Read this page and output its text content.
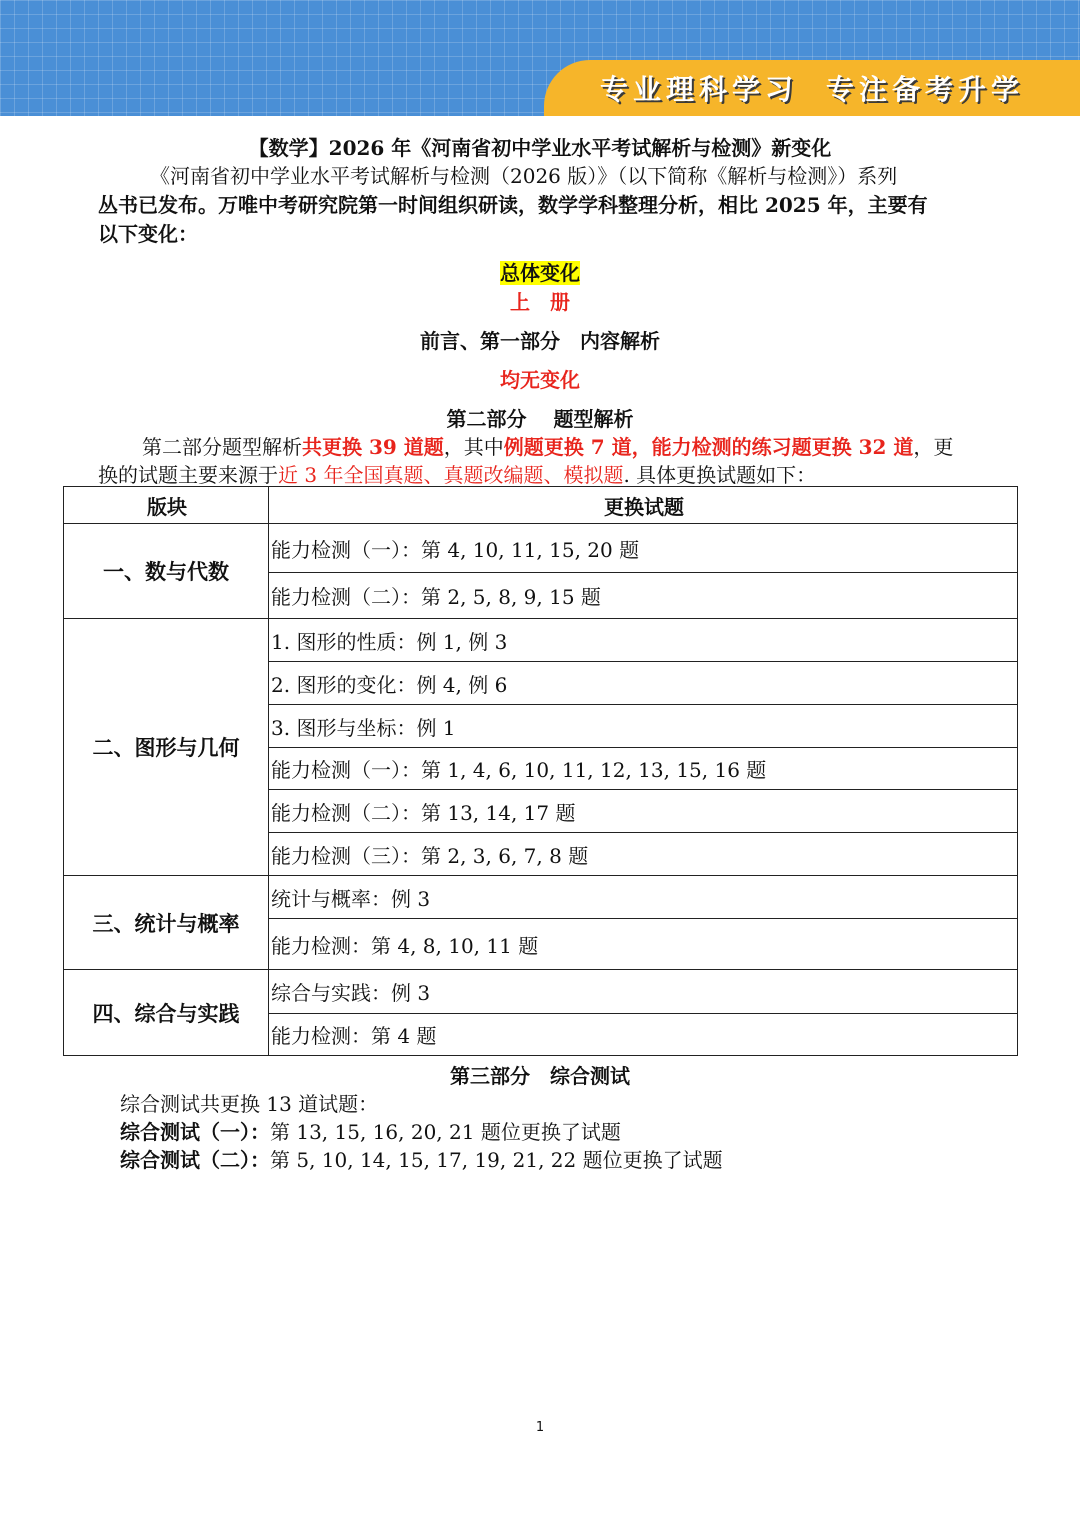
专业理科学习 专注备考升学
【数学】2026 年《河南省初中学业水平考试解析与检测》新变化
《河南省初中学业水平考试解析与检测（2026 版）》（以下简称《解析与检测》）系列
丛书已发布。万唯中考研究院第一时间组织研读，数学学科整理分析，相比 2025 年，主要有
以下变化：
总体变化
上　册
前言、第一部分　内容解析
均无变化
第二部分　 题型解析
第二部分题型解析共更换 39 道题，其中例题更换 7 道，能力检测的练习题更换 32 道，更
换的试题主要来源于近 3 年全国真题、真题改编题、模拟题. 具体更换试题如下：
版块	更换试题
一、数与代数	能力检测（一）：第 4, 10, 11, 15, 20 题
	能力检测（二）：第 2, 5, 8, 9, 15 题
二、图形与几何	1. 图形的性质：例 1, 例 3
	2. 图形的变化：例 4, 例 6
	3. 图形与坐标：例 1
	能力检测（一）：第 1, 4, 6, 10, 11, 12, 13, 15, 16 题
	能力检测（二）：第 13, 14, 17 题
	能力检测（三）：第 2, 3, 6, 7, 8 题
三、统计与概率	统计与概率：例 3
	能力检测：第 4, 8, 10, 11 题
四、综合与实践	综合与实践：例 3
	能力检测：第 4 题
第三部分　综合测试
综合测试共更换 13 道试题：
综合测试（一）：第 13, 15, 16, 20, 21 题位更换了试题
综合测试（二）：第 5, 10, 14, 15, 17, 19, 21, 22 题位更换了试题
1
